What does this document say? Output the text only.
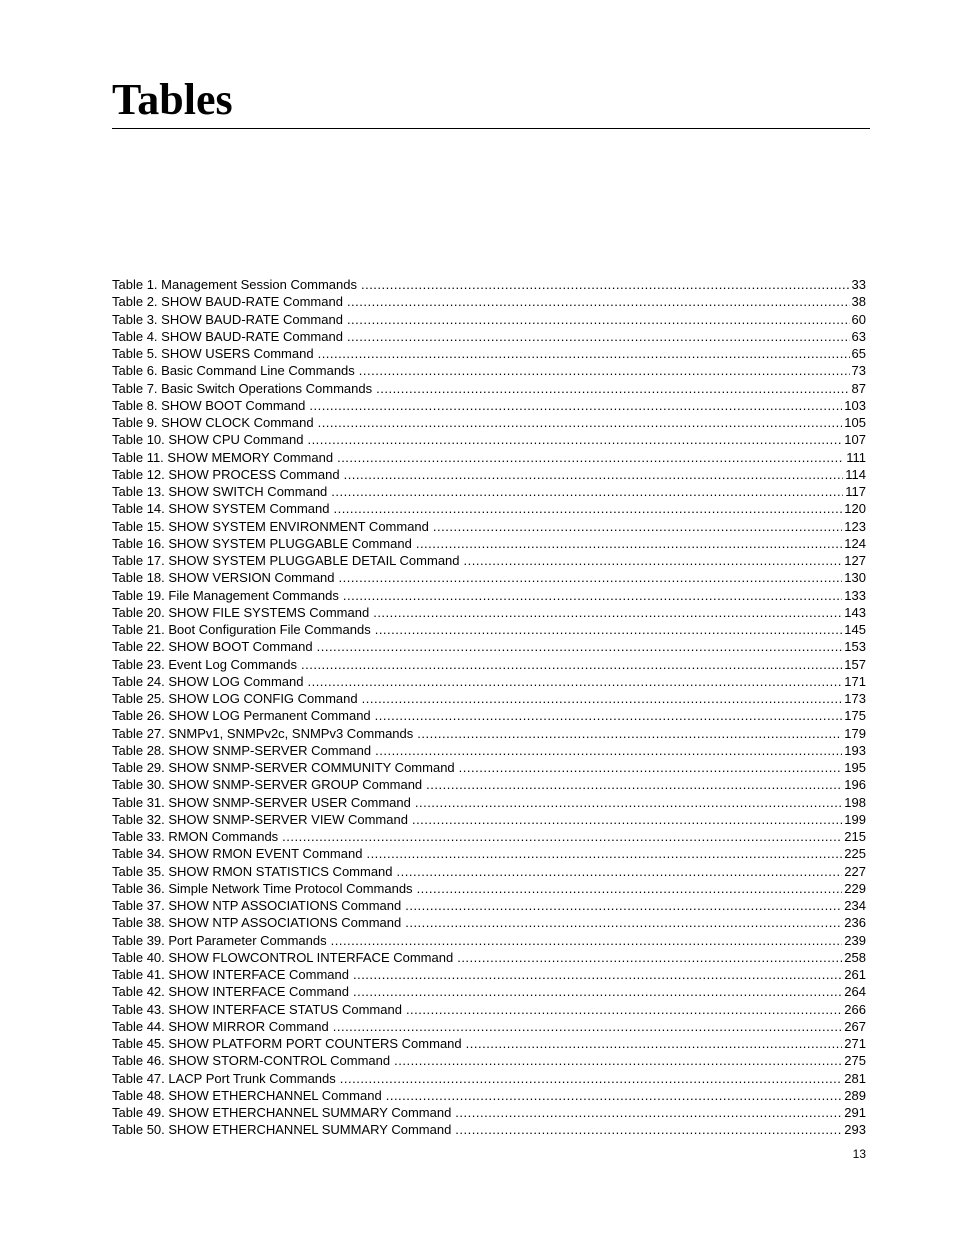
Tables
Table 1. Management Session Commands .....	33
Table 2. SHOW BAUD-RATE Command .....	38
Table 3. SHOW BAUD-RATE Command .....	60
Table 4. SHOW BAUD-RATE Command .....	63
Table 5. SHOW USERS Command .....	65
Table 6. Basic Command Line Commands .....	73
Table 7. Basic Switch Operations Commands .....	87
Table 8. SHOW BOOT Command .....	103
Table 9. SHOW CLOCK Command .....	105
Table 10. SHOW CPU Command .....	107
Table 11. SHOW MEMORY Command .....	111
Table 12. SHOW PROCESS Command .....	114
Table 13. SHOW SWITCH Command .....	117
Table 14. SHOW SYSTEM Command .....	120
Table 15. SHOW SYSTEM ENVIRONMENT Command .....	123
Table 16. SHOW SYSTEM PLUGGABLE Command .....	124
Table 17. SHOW SYSTEM PLUGGABLE DETAIL Command .....	127
Table 18. SHOW VERSION Command .....	130
Table 19. File Management Commands .....	133
Table 20. SHOW FILE SYSTEMS Command .....	143
Table 21. Boot Configuration File Commands .....	145
Table 22. SHOW BOOT Command .....	153
Table 23. Event Log Commands .....	157
Table 24. SHOW LOG Command .....	171
Table 25. SHOW LOG CONFIG Command .....	173
Table 26. SHOW LOG Permanent Command .....	175
Table 27. SNMPv1, SNMPv2c, SNMPv3 Commands .....	179
Table 28. SHOW SNMP-SERVER Command .....	193
Table 29. SHOW SNMP-SERVER COMMUNITY Command .....	195
Table 30. SHOW SNMP-SERVER GROUP Command .....	196
Table 31. SHOW SNMP-SERVER USER Command .....	198
Table 32. SHOW SNMP-SERVER VIEW Command .....	199
Table 33. RMON Commands .....	215
Table 34. SHOW RMON EVENT Command .....	225
Table 35. SHOW RMON STATISTICS Command .....	227
Table 36. Simple Network Time Protocol Commands .....	229
Table 37. SHOW NTP ASSOCIATIONS Command .....	234
Table 38. SHOW NTP ASSOCIATIONS Command .....	236
Table 39. Port Parameter Commands .....	239
Table 40. SHOW FLOWCONTROL INTERFACE Command .....	258
Table 41. SHOW INTERFACE Command .....	261
Table 42. SHOW INTERFACE Command .....	264
Table 43. SHOW INTERFACE STATUS Command .....	266
Table 44. SHOW MIRROR Command .....	267
Table 45. SHOW PLATFORM PORT COUNTERS Command .....	271
Table 46. SHOW STORM-CONTROL Command .....	275
Table 47. LACP Port Trunk Commands .....	281
Table 48. SHOW ETHERCHANNEL Command .....	289
Table 49. SHOW ETHERCHANNEL SUMMARY Command .....	291
Table 50. SHOW ETHERCHANNEL SUMMARY Command .....	293
13
